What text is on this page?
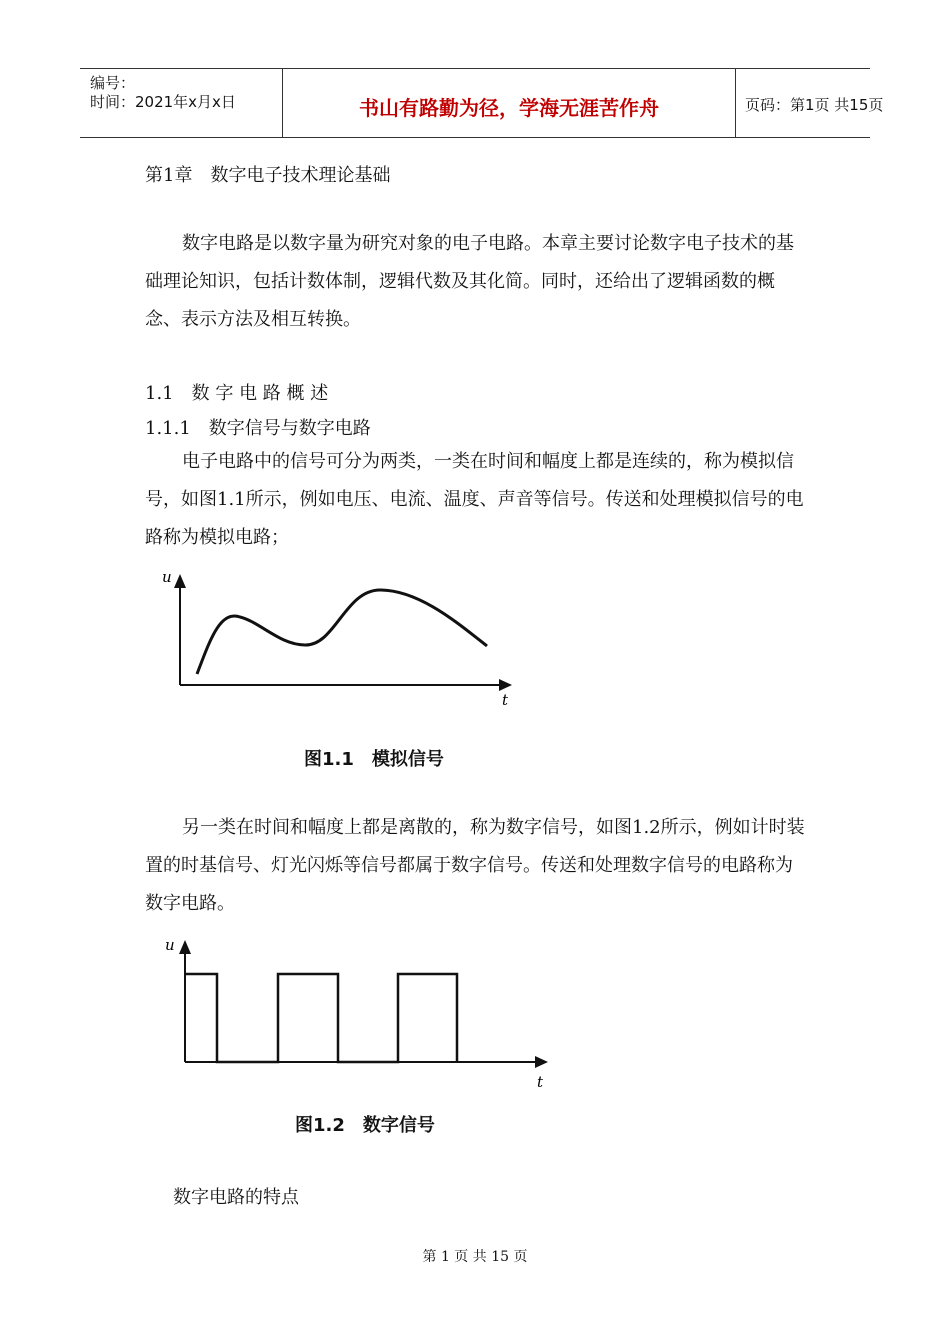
编号：
时间：2021年x月x日	书山有路勤为径，学海无涯苦作舟	页码：第1页 共15页
第1章　数字电子技术理论基础

数字电路是以数字量为研究对象的电子电路。本章主要讨论数字电子技术的基础理论知识，包括计数体制，逻辑代数及其化简。同时，还给出了逻辑函数的概念、表示方法及相互转换。

1.1　数 字 电 路 概 述
1.1.1　数字信号与数字电路

电子电路中的信号可分为两类，一类在时间和幅度上都是连续的，称为模拟信号，如图1.1所示，例如电压、电流、温度、声音等信号。传送和处理模拟信号的电路称为模拟电路；

u
t
图1.1　模拟信号

另一类在时间和幅度上都是离散的，称为数字信号，如图1.2所示，例如计时装置的时基信号、灯光闪烁等信号都属于数字信号。传送和处理数字信号的电路称为数字电路。

u
t
图1.2　数字信号
数字电路的特点
第 1 页 共 15 页
